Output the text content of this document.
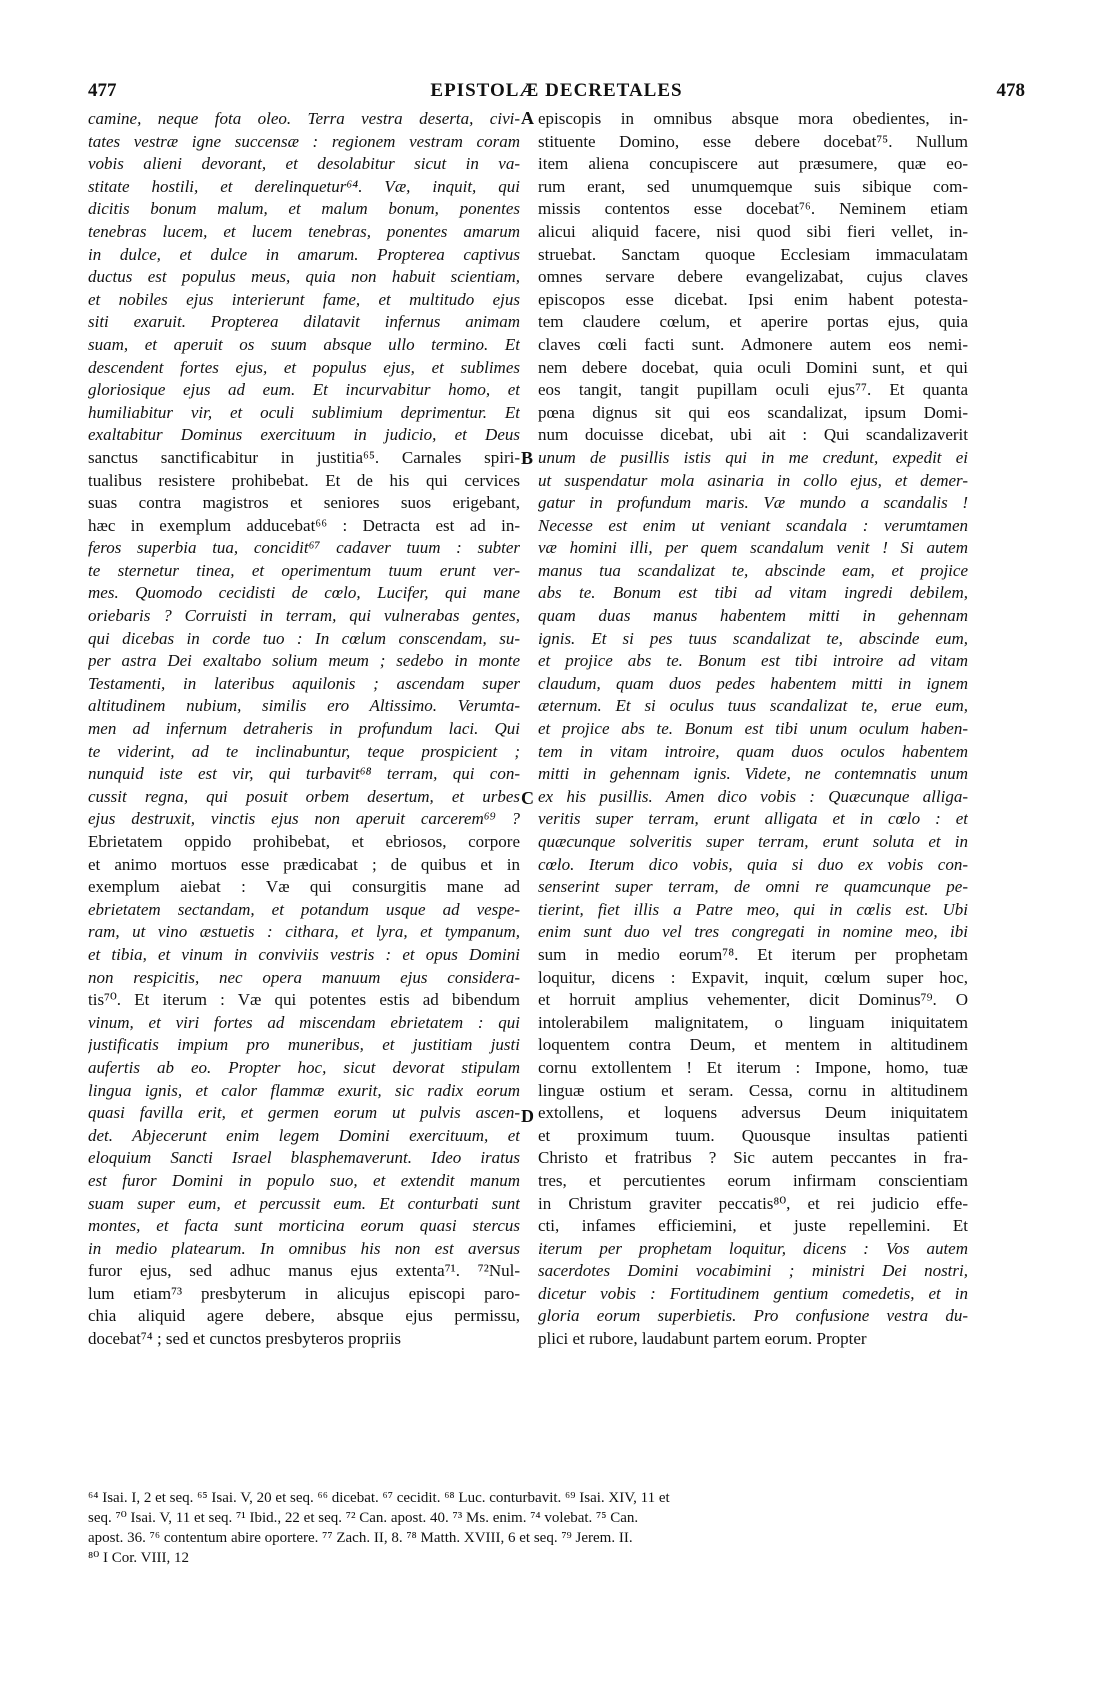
477	EPISTOLÆ DECRETALES	478
camine, neque fota oleo. Terra vestra deserta, civi-
tates vestræ igne succensæ : regionem vestram coram
vobis alieni devorant, et desolabitur sicut in va-
stitate hostili, et derelinquetur⁶⁴. Væ, inquit, qui
dicitis bonum malum, et malum bonum, ponentes
tenebras lucem, et lucem tenebras, ponentes amarum
in dulce, et dulce in amarum. Propterea captivus
ductus est populus meus, quia non habuit scientiam,
et nobiles ejus interierunt fame, et multitudo ejus
siti exaruit. Propterea dilatavit infernus animam
suam, et aperuit os suum absque ullo termino. Et
descendent fortes ejus, et populus ejus, et sublimes
gloriosique ejus ad eum. Et incurvabitur homo, et
humiliabitur vir, et oculi sublimium deprimentur. Et
exaltabitur Dominus exercituum in judicio, et Deus
sanctus sanctificabitur in justitia⁶⁵. Carnales spiri-
tualibus resistere prohibebat. Et de his qui cervices
suas contra magistros et seniores suos erigebant,
hæc in exemplum adducebat⁶⁶ : Detracta est ad in-
feros superbia tua, concidit⁶⁷ cadaver tuum : subter
te sternetur tinea, et operimentum tuum erunt ver-
mes. Quomodo cecidisti de cœlo, Lucifer, qui mane
oriebaris ? Corruisti in terram, qui vulnerabas gentes,
qui dicebas in corde tuo : In cœlum conscendam, su-
per astra Dei exaltabo solium meum ; sedebo in monte
Testamenti, in lateribus aquilonis ; ascendam super
altitudinem nubium, similis ero Altissimo. Verumta-
men ad infernum detraheris in profundum laci. Qui
te viderint, ad te inclinabuntur, teque prospicient ;
nunquid iste est vir, qui turbavit⁶⁸ terram, qui con-
cussit regna, qui posuit orbem desertum, et urbes
ejus destruxit, vinctis ejus non aperuit carcerem⁶⁹ ?
Ebrietatem oppido prohibebat, et ebriosos, corpore
et animo mortuos esse prædicabat ; de quibus et in
exemplum aiebat : Væ qui consurgitis mane ad
ebrietatem sectandam, et potandum usque ad vespe-
ram, ut vino æstuetis : cithara, et lyra, et tympanum,
et tibia, et vinum in conviviis vestris : et opus Domini
non respicitis, nec opera manuum ejus considera-
tis⁷⁰. Et iterum : Væ qui potentes estis ad bibendum
vinum, et viri fortes ad miscendam ebrietatem : qui
justificatis impium pro muneribus, et justitiam justi
aufertis ab eo. Propter hoc, sicut devorat stipulam
lingua ignis, et calor flammæ exurit, sic radix eorum
quasi favilla erit, et germen eorum ut pulvis ascen-
det. Abjecerunt enim legem Domini exercituum, et
eloquium Sancti Israel blasphemaverunt. Ideo iratus
est furor Domini in populo suo, et extendit manum
suam super eum, et percussit eum. Et conturbati sunt
montes, et facta sunt morticina eorum quasi stercus
in medio platearum. In omnibus his non est aversus
furor ejus, sed adhuc manus ejus extenta⁷¹. ⁷²Nul-
lum etiam⁷³ presbyterum in alicujus episcopi paro-
chia aliquid agere debere, absque ejus permissu,
docebat⁷⁴ ; sed et cunctos presbyteros propriis
episcopis in omnibus absque mora obedientes, in-
stituente Domino, esse debere docebat⁷⁵. Nullum
item aliena concupiscere aut præsumere, quæ eo-
rum erant, sed unumquemque suis sibique com-
missis contentos esse docebat⁷⁶. Neminem etiam
alicui aliquid facere, nisi quod sibi fieri vellet, in-
struebat. Sanctam quoque Ecclesiam immaculatam
omnes servare debere evangelizabat, cujus claves
episcopos esse dicebat. Ipsi enim habent potesta-
tem claudere cœlum, et aperire portas ejus, quia
claves cœli facti sunt. Admonere autem eos nemi-
nem debere docebat, quia oculi Domini sunt, et qui
eos tangit, tangit pupillam oculi ejus⁷⁷. Et quanta
pœna dignus sit qui eos scandalizat, ipsum Domi-
num docuisse dicebat, ubi ait : Qui scandalizaverit
unum de pusillis istis qui in me credunt, expedit ei
ut suspendatur mola asinaria in collo ejus, et demer-
gatur in profundum maris. Væ mundo a scandalis !
Necesse est enim ut veniant scandala : verumtamen
væ homini illi, per quem scandalum venit ! Si autem
manus tua scandalizat te, abscinde eam, et projice
abs te. Bonum est tibi ad vitam ingredi debilem,
quam duas manus habentem mitti in gehennam
ignis. Et si pes tuus scandalizat te, abscinde eum,
et projice abs te. Bonum est tibi introire ad vitam
claudum, quam duos pedes habentem mitti in ignem
æternum. Et si oculus tuus scandalizat te, erue eum,
et projice abs te. Bonum est tibi unum oculum haben-
tem in vitam introire, quam duos oculos habentem
mitti in gehennam ignis. Videte, ne contemnatis unum
ex his pusillis. Amen dico vobis : Quæcunque alliga-
veritis super terram, erunt alligata et in cœlo : et
quæcunque solveritis super terram, erunt soluta et in
cœlo. Iterum dico vobis, quia si duo ex vobis con-
senserint super terram, de omni re quamcunque pe-
tierint, fiet illis a Patre meo, qui in cœlis est. Ubi
enim sunt duo vel tres congregati in nomine meo, ibi
sum in medio eorum⁷⁸. Et iterum per prophetam
loquitur, dicens : Expavit, inquit, cœlum super hoc,
et horruit amplius vehementer, dicit Dominus⁷⁹. O
intolerabilem malignitatem, o linguam iniquitatem
loquentem contra Deum, et mentem in altitudinem
cornu extollentem ! Et iterum : Impone, homo, tuæ
linguæ ostium et seram. Cessa, cornu in altitudinem
extollens, et loquens adversus Deum iniquitatem
et proximum tuum. Quousque insultas patienti
Christo et fratribus ? Sic autem peccantes in fra-
tres, et percutientes eorum infirmam conscientiam
in Christum graviter peccatis⁸⁰, et rei judicio effe-
cti, infames efficiemini, et juste repellemini. Et
iterum per prophetam loquitur, dicens : Vos autem
sacerdotes Domini vocabimini ; ministri Dei nostri,
dicetur vobis : Fortitudinem gentium comedetis, et in
gloria eorum superbietis. Pro confusione vestra du-
plici et rubore, laudabunt partem eorum. Propter
A
B
C
D
⁶⁴ Isai. I, 2 et seq. ⁶⁵ Isai. V, 20 et seq. ⁶⁶ dicebat. ⁶⁷ cecidit. ⁶⁸ Luc. conturbavit. ⁶⁹ Isai. XIV, 11 et
seq. ⁷⁰ Isai. V, 11 et seq. ⁷¹ Ibid., 22 et seq. ⁷² Can. apost. 40. ⁷³ Ms. enim. ⁷⁴ volebat. ⁷⁵ Can.
apost. 36. ⁷⁶ contentum abire oportere. ⁷⁷ Zach. II, 8. ⁷⁸ Matth. XVIII, 6 et seq. ⁷⁹ Jerem. II.
⁸⁰ I Cor. VIII, 12
